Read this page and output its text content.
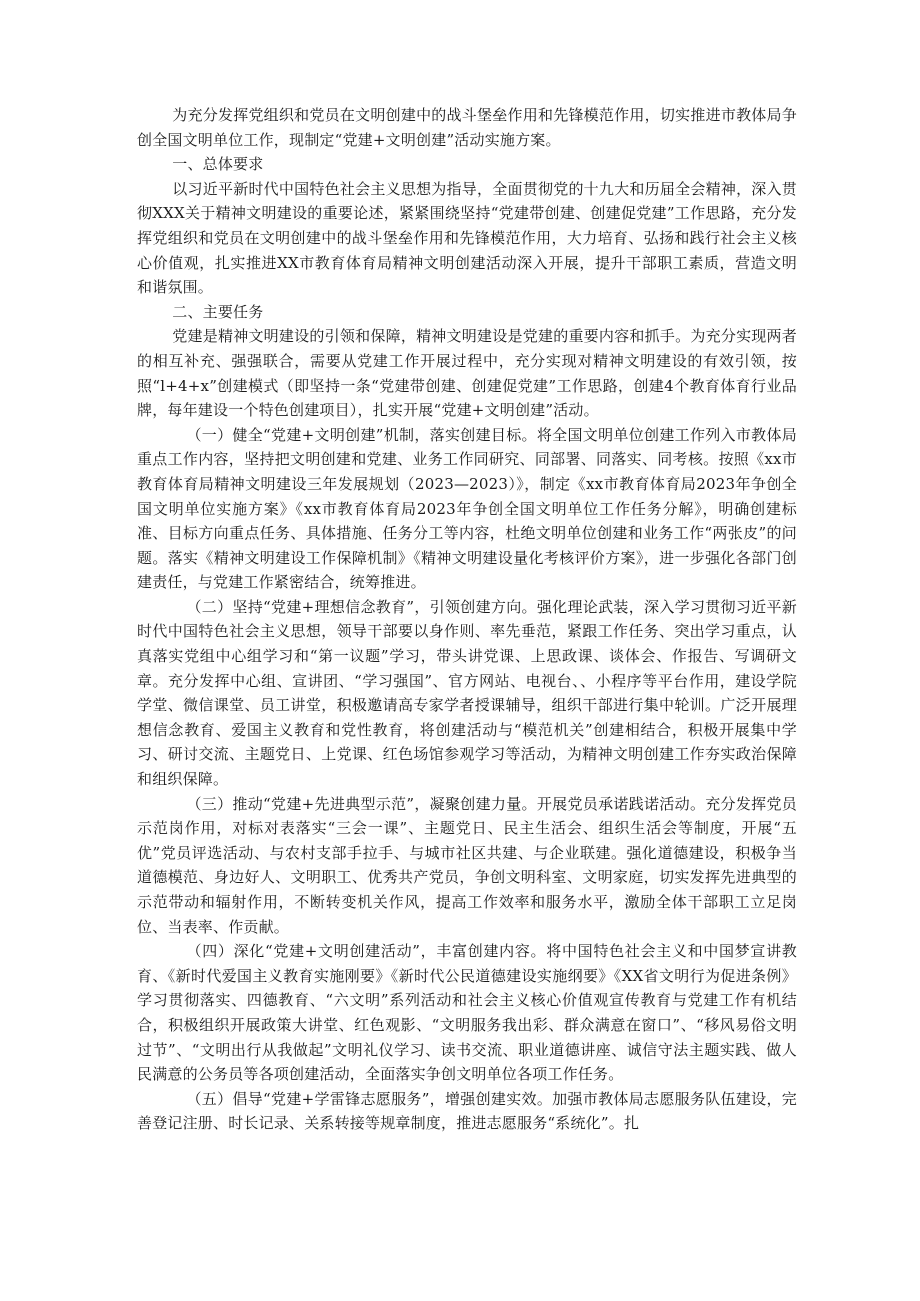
为充分发挥党组织和党员在文明创建中的战斗堡垒作用和先锋模范作用，切实推进市教体局争创全国文明单位工作，现制定“党建+文明创建”活动实施方案。

一、总体要求

以习近平新时代中国特色社会主义思想为指导，全面贯彻党的十九大和历届全会精神，深入贯彻XXX关于精神文明建设的重要论述，紧紧围绕坚持“党建带创建、创建促党建”工作思路，充分发挥党组织和党员在文明创建中的战斗堡垒作用和先锋模范作用，大力培育、弘扬和践行社会主义核心价值观，扎实推进XX市教育体育局精神文明创建活动深入开展，提升干部职工素质，营造文明和谐氛围。

二、主要任务

党建是精神文明建设的引领和保障，精神文明建设是党建的重要内容和抓手。为充分实现两者的相互补充、强强联合，需要从党建工作开展过程中，充分实现对精神文明建设的有效引领，按照“l+4+x”创建模式（即坚持一条“党建带创建、创建促党建”工作思路，创建4个教育体育行业品牌，每年建设一个特色创建项目），扎实开展“党建+文明创建”活动。

（一）健全“党建+文明创建”机制，落实创建目标。将全国文明单位创建工作列入市教体局重点工作内容，坚持把文明创建和党建、业务工作同研究、同部署、同落实、同考核。按照《xx市教育体育局精神文明建设三年发展规划（2023—2023）》，制定《xx市教育体育局2023年争创全国文明单位实施方案》《xx市教育体育局2023年争创全国文明单位工作任务分解》，明确创建标准、目标方向重点任务、具体措施、任务分工等内容，杜绝文明单位创建和业务工作“两张皮”的问题。落实《精神文明建设工作保障机制》《精神文明建设量化考核评价方案》，进一步强化各部门创建责任，与党建工作紧密结合，统筹推进。

（二）坚持“党建+理想信念教育”，引领创建方向。强化理论武装，深入学习贯彻习近平新时代中国特色社会主义思想，领导干部要以身作则、率先垂范，紧跟工作任务、突出学习重点，认真落实党组中心组学习和“第一议题”学习，带头讲党课、上思政课、谈体会、作报告、写调研文章。充分发挥中心组、宣讲团、“学习强国”、官方网站、电视台、、小程序等平台作用，建设学院学堂、微信课堂、员工讲堂，积极邀请高专家学者授课辅导，组织干部进行集中轮训。广泛开展理想信念教育、爱国主义教育和党性教育，将创建活动与“模范机关”创建相结合，积极开展集中学习、研讨交流、主题党日、上党课、红色场馆参观学习等活动，为精神文明创建工作夯实政治保障和组织保障。

（三）推动“党建+先进典型示范”，凝聚创建力量。开展党员承诺践诺活动。充分发挥党员示范岗作用，对标对表落实“三会一课”、主题党日、民主生活会、组织生活会等制度，开展“五优”党员评选活动、与农村支部手拉手、与城市社区共建、与企业联建。强化道德建设，积极争当道德模范、身边好人、文明职工、优秀共产党员，争创文明科室、文明家庭，切实发挥先进典型的示范带动和辐射作用，不断转变机关作风，提高工作效率和服务水平，激励全体干部职工立足岗位、当表率、作贡献。

（四）深化“党建+文明创建活动”，丰富创建内容。将中国特色社会主义和中国梦宣讲教育、《新时代爱国主义教育实施刚要》《新时代公民道德建设实施纲要》《XX省文明行为促进条例》学习贯彻落实、四德教育、“六文明”系列活动和社会主义核心价值观宣传教育与党建工作有机结合，积极组织开展政策大讲堂、红色观影、“文明服务我出彩、群众满意在窗口”、“移风易俗文明过节”、“文明出行从我做起”文明礼仪学习、读书交流、职业道德讲座、诚信守法主题实践、做人民满意的公务员等各项创建活动，全面落实争创文明单位各项工作任务。

（五）倡导“党建+学雷锋志愿服务”，增强创建实效。加强市教体局志愿服务队伍建设，完善登记注册、时长记录、关系转接等规章制度，推进志愿服务“系统化”。扎
